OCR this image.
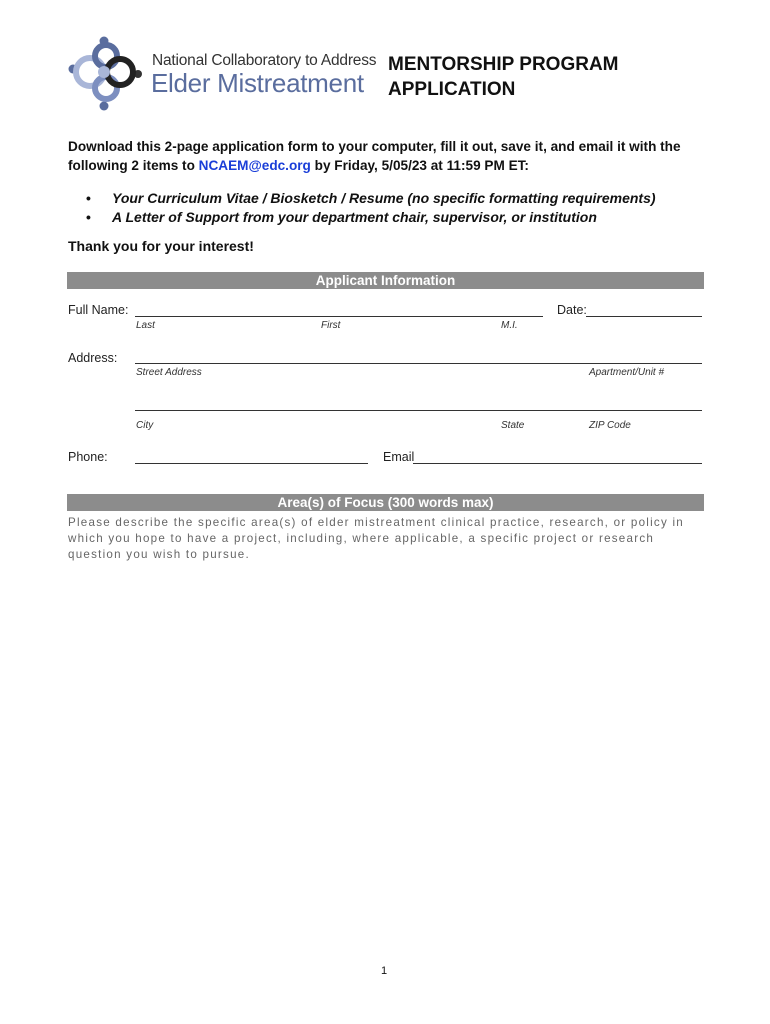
National Collaboratory to Address
Elder Mistreatment
MENTORSHIP PROGRAM
APPLICATION
Download this 2-page application form to your computer, fill it out, save it, and email it with the following 2 items to NCAEM@edc.org by Friday, 5/05/23 at 11:59 PM ET:
• Your Curriculum Vitae / Biosketch / Resume (no specific formatting requirements)
• A Letter of Support from your department chair, supervisor, or institution
Thank you for your interest!
Applicant Information
Full Name:	Date:
Last	First	M.I.
Address:
Street Address	Apartment/Unit #
City	State	ZIP Code
Phone:	Email
Area(s) of Focus (300 words max)
Please describe the specific area(s) of elder mistreatment clinical practice, research, or policy in which you hope to have a project, including, where applicable, a specific project or research question you wish to pursue.
1
